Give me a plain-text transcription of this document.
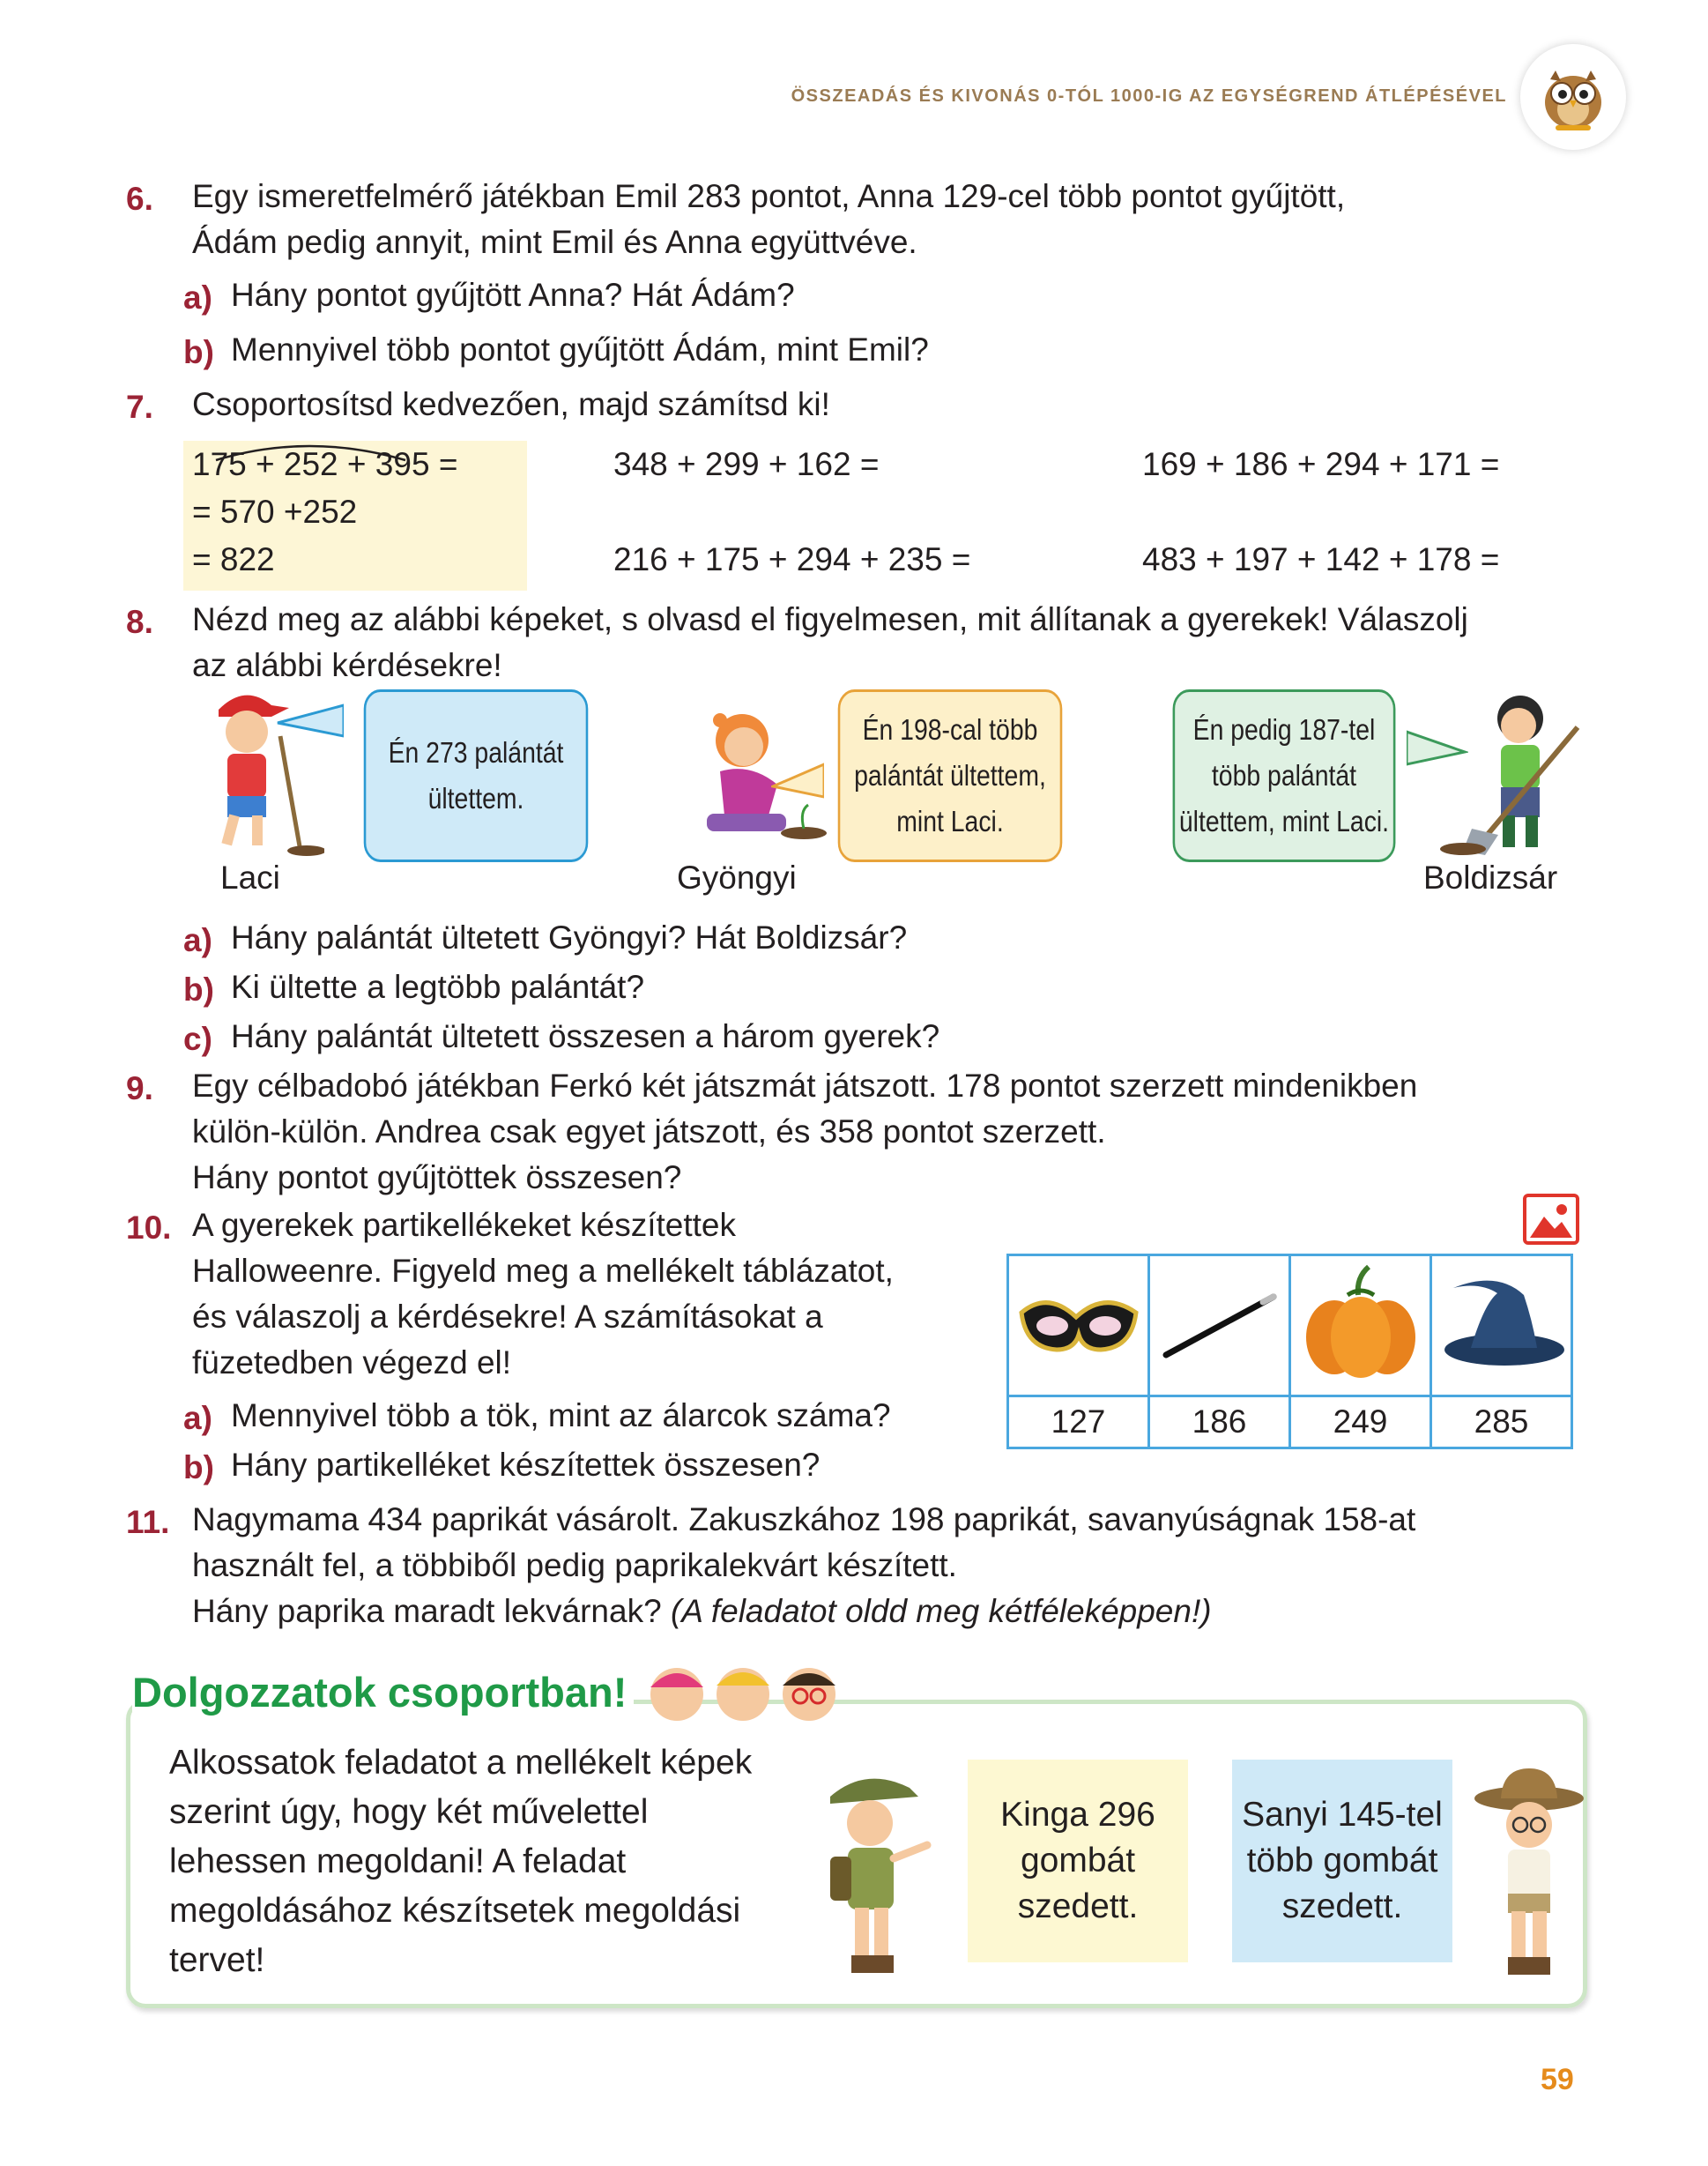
ÖSSZEADÁS ÉS KIVONÁS 0-TÓL 1000-IG AZ EGYSÉGREND ÁTLÉPÉSÉVEL
6. Egy ismeretfelmérő játékban Emil 283 pontot, Anna 129-cel több pontot gyűjtött,
Ádám pedig annyit, mint Emil és Anna együttvéve.
a) Hány pontot gyűjtött Anna? Hát Ádám?
b) Mennyivel több pontot gyűjtött Ádám, mint Emil?
7. Csoportosítsd kedvezően, majd számítsd ki!
175 + 252 + 395 =
= 570 +252
= 822
348 + 299 + 162 =	169 + 186 + 294 + 171 =
216 + 175 + 294 + 235 =	483 + 197 + 142 + 178 =
8. Nézd meg az alábbi képeket, s olvasd el figyelmesen, mit állítanak a gyerekek! Válaszolj
az alábbi kérdésekre!
Én 273 palántát
ültettem.
Laci
Én 198-cal több
palántát ültettem,
mint Laci.
Gyöngyi
Én pedig 187-tel
több palántát
ültettem, mint Laci.
Boldizsár
a) Hány palántát ültetett Gyöngyi? Hát Boldizsár?
b) Ki ültette a legtöbb palántát?
c) Hány palántát ültetett összesen a három gyerek?
9. Egy célbadobó játékban Ferkó két játszmát játszott. 178 pontot szerzett mindenikben
külön-külön. Andrea csak egyet játszott, és 358 pontot szerzett.
Hány pontot gyűjtöttek összesen?
10. A gyerekek partikellékeket készítettek
Halloweenre. Figyeld meg a mellékelt táblázatot,
és válaszolj a kérdésekre! A számításokat a
füzetedben végezd el!
a) Mennyivel több a tök, mint az álarcok száma?
b) Hány partikelléket készítettek összesen?

127	186	249	285
11. Nagymama 434 paprikát vásárolt. Zakuszkához 198 paprikát, savanyúságnak 158-at
használt fel, a többiből pedig paprikalekvárt készített.
Hány paprika maradt lekvárnak? (A feladatot oldd meg kétféleképpen!)
Dolgozzatok csoportban!
Alkossatok feladatot a mellékelt képek
szerint úgy, hogy két művelettel
lehessen megoldani! A feladat
megoldásához készítsetek megoldási
tervet!
Kinga 296
gombát
szedett.
Sanyi 145-tel
több gombát
szedett.
59
